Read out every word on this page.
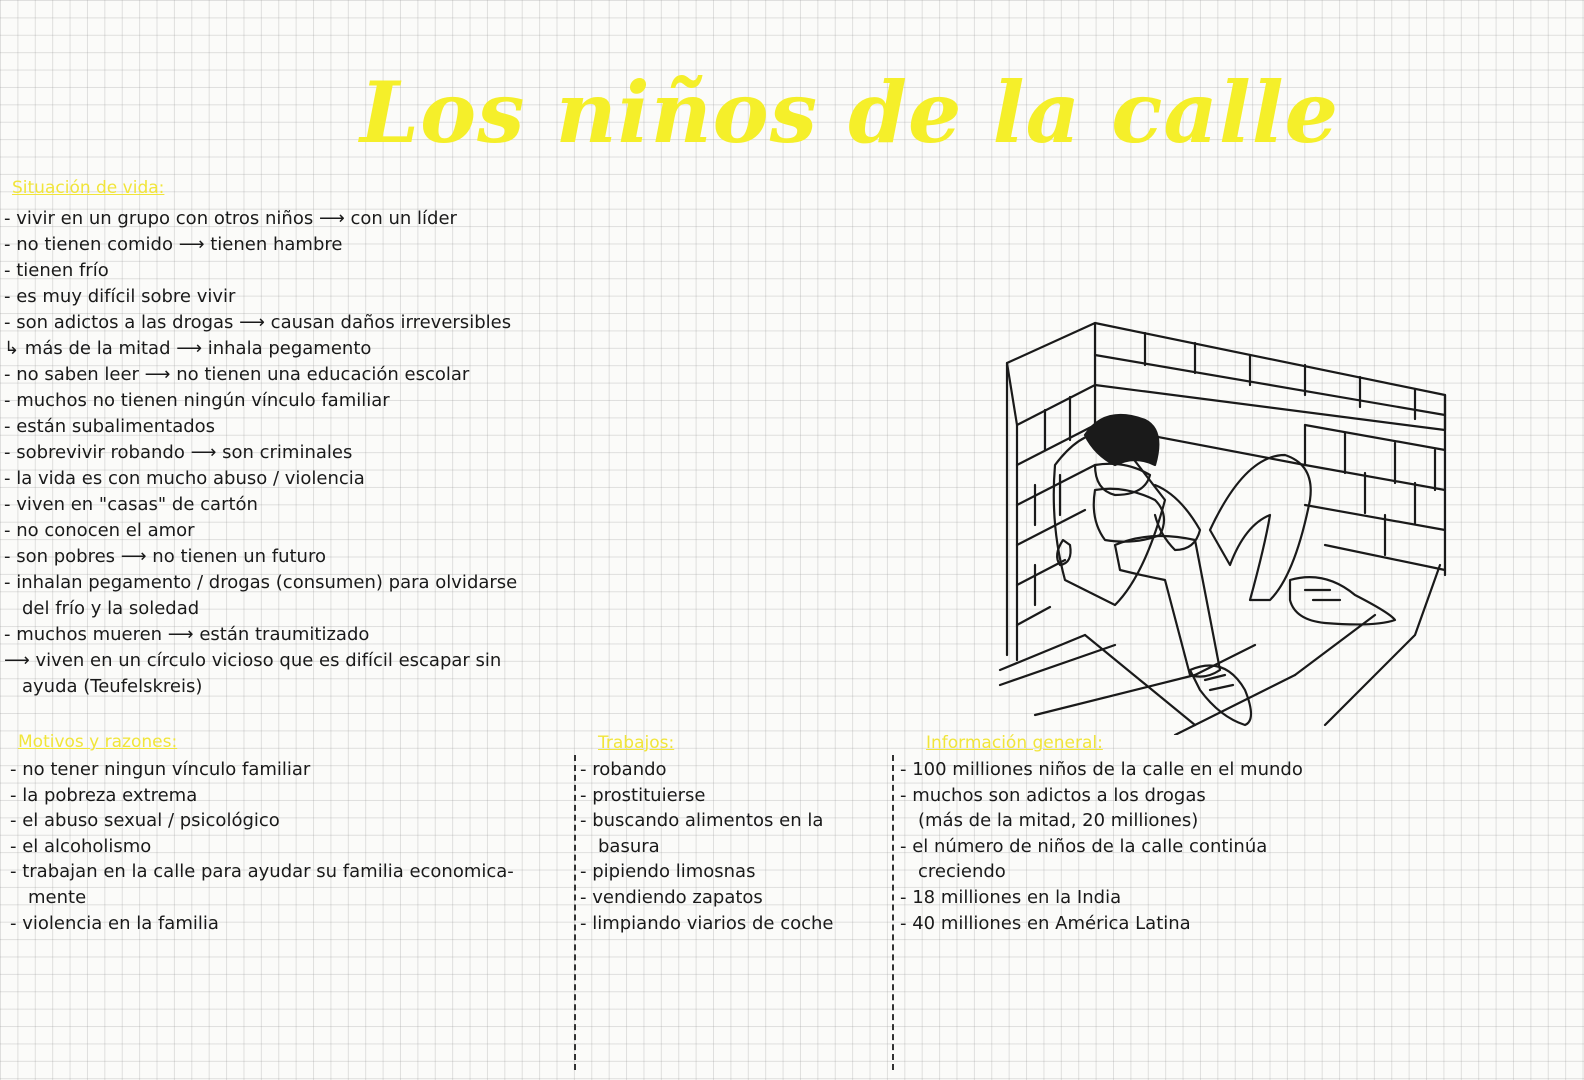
Los niños de la calle
Situación de vida:
- vivir en un grupo con otros niños ⟶ con un líder
- no tienen comido ⟶ tienen hambre
- tienen frío
- es muy difícil sobre vivir
- son adictos a las drogas ⟶ causan daños irreversibles
↳ más de la mitad ⟶ inhala pegamento
- no saben leer ⟶ no tienen una educación escolar
- muchos no tienen ningún vínculo familiar
- están subalimentados
- sobrevivir robando ⟶ son criminales
- la vida es con mucho abuso / violencia
- viven en "casas" de cartón
- no conocen el amor
- son pobres ⟶ no tienen un futuro
- inhalan pegamento / drogas (consumen) para olvidarse
del frío y la soledad
- muchos mueren ⟶ están traumitizado
⟶ viven en un círculo vicioso que es difícil escapar sin
ayuda (Teufelskreis)
Motivos y razones:
- no tener ningun vínculo familiar
- la pobreza extrema
- el abuso sexual / psicológico
- el alcoholismo
- trabajan en la calle para ayudar su familia economica-
mente
- violencia en la familia
Trabajos:
- robando
- prostituierse
- buscando alimentos en la
basura
- pipiendo limosnas
- vendiendo zapatos
- limpiando viarios de coche
Información general:
- 100 milliones niños de la calle en el mundo
- muchos son adictos a los drogas
(más de la mitad, 20 milliones)
- el número de niños de la calle continúa
creciendo
- 18 milliones en la India
- 40 milliones en América Latina
